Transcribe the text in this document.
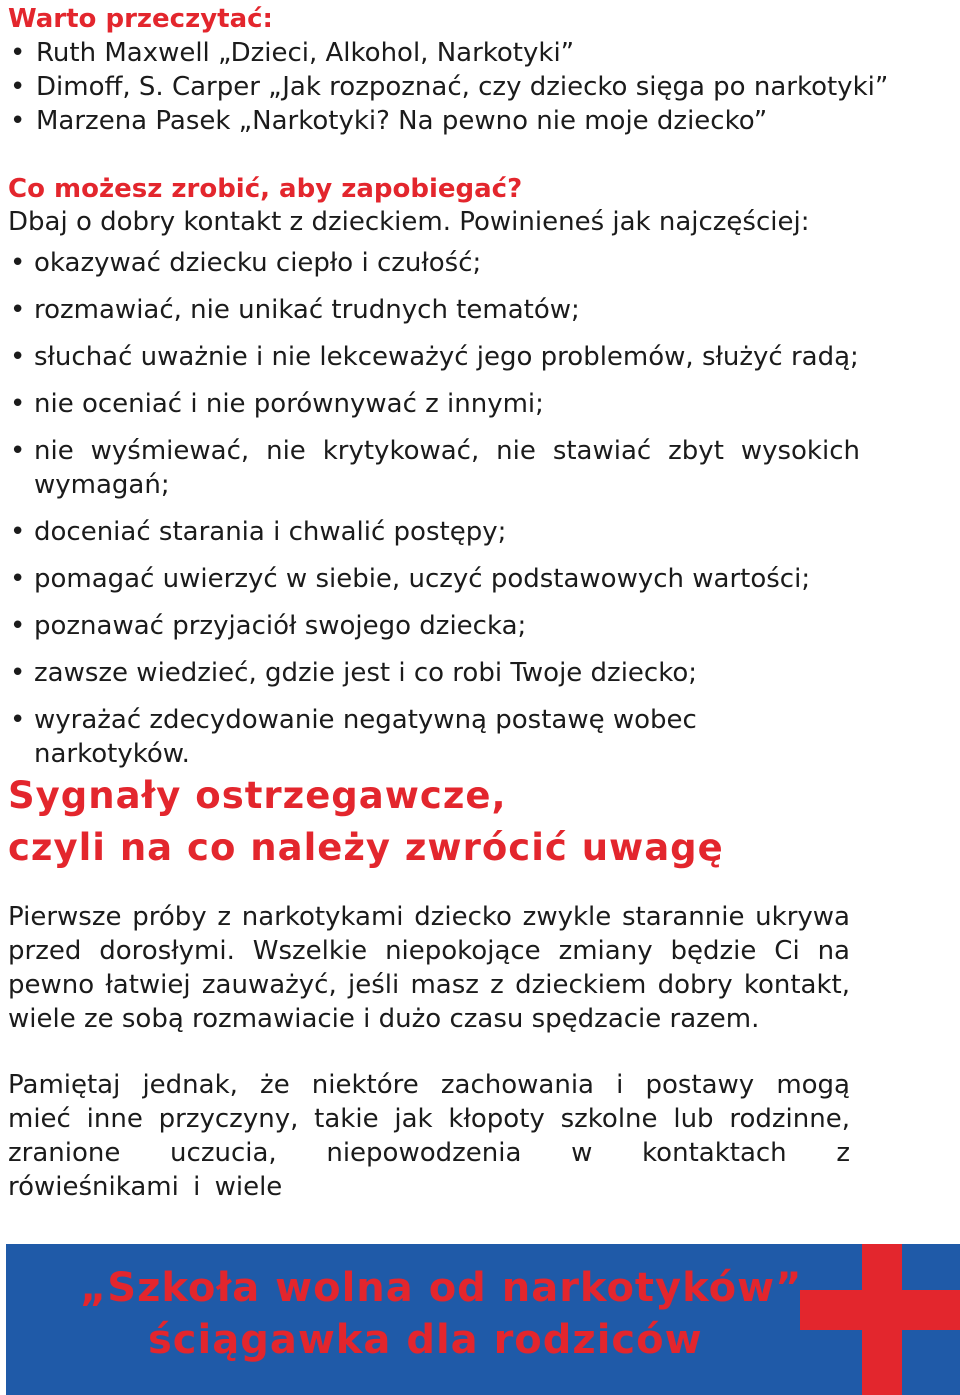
Warto przeczytać:
• Ruth Maxwell „Dzieci, Alkohol, Narkotyki”
• Dimoff, S. Carper „Jak rozpoznać, czy dziecko sięga po narkotyki”
• Marzena Pasek „Narkotyki? Na pewno nie moje dziecko”
Co możesz zrobić, aby zapobiegać?
Dbaj o dobry kontakt z dzieckiem. Powinieneś jak najczęściej:
• okazywać dziecku ciepło i czułość;
• rozmawiać, nie unikać trudnych tematów;
• słuchać uważnie i nie lekceważyć jego problemów, służyć radą;
• nie oceniać i nie porównywać z innymi;
• nie wyśmiewać, nie krytykować, nie stawiać zbyt wysokich wymagań;
• doceniać starania i chwalić postępy;
• pomagać uwierzyć w siebie, uczyć podstawowych wartości;
• poznawać przyjaciół swojego dziecka;
• zawsze wiedzieć, gdzie jest i co robi Twoje dziecko;
• wyrażać zdecydowanie negatywną postawę wobec narkotyków.
Sygnały ostrzegawcze,
czyli na co należy zwrócić uwagę
Pierwsze próby z narkotykami dziecko zwykle starannie ukrywa przed dorosłymi. Wszelkie niepokojące zmiany będzie Ci na pewno łatwiej zauważyć, jeśli masz z dzieckiem dobry kontakt, wiele ze sobą rozmawiacie i dużo czasu spędzacie razem.
Pamiętaj jednak, że niektóre zachowania i postawy mogą mieć inne przyczyny, takie jak kłopoty szkolne lub rodzinne, zranione uczucia, niepowodzenia w kontaktach z rówieśnikami i wiele
„Szkoła wolna od narkotyków”
ściągawka dla rodziców
